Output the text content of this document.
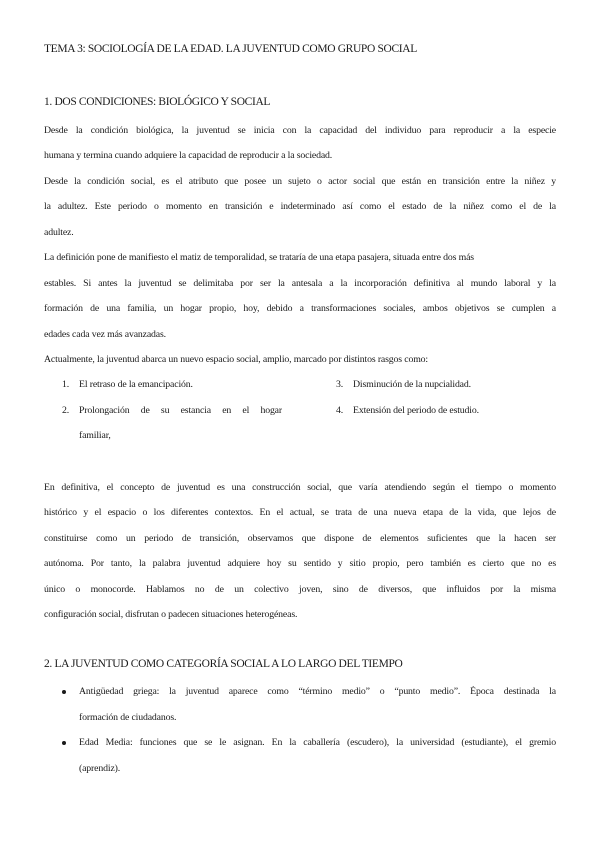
TEMA 3: SOCIOLOGÍA DE LA EDAD. LA JUVENTUD COMO GRUPO SOCIAL
1. DOS CONDICIONES: BIOLÓGICO Y SOCIAL
Desde la condición biológica, la juventud se inicia con la capacidad del individuo para reproducir a la especie
humana y termina cuando adquiere la capacidad de reproducir a la sociedad.
Desde la condición social, es el atributo que posee un sujeto o actor social que están en transición entre la niñez y
la adultez. Este periodo o momento en transición e indeterminado así como el estado de la niñez como el de la
adultez.
La definición pone de manifiesto el matiz de temporalidad, se trataría de una etapa pasajera, situada entre dos más
estables. Si antes la juventud se delimitaba por ser la antesala a la incorporación definitiva al mundo laboral y la
formación de una familia, un hogar propio, hoy, debido a transformaciones sociales, ambos objetivos se cumplen a
edades cada vez más avanzadas.
Actualmente, la juventud abarca un nuevo espacio social, amplio, marcado por distintos rasgos como:
1. El retraso de la emancipación.
2. Prolongación de su estancia en el hogar
familiar,
3. Disminución de la nupcialidad.
4. Extensión del periodo de estudio.
En definitiva, el concepto de juventud es una construcción social, que varía atendiendo según el tiempo o momento
histórico y el espacio o los diferentes contextos. En el actual, se trata de una nueva etapa de la vida, que lejos de
constituirse como un periodo de transición, observamos que dispone de elementos suficientes que la hacen ser
autónoma. Por tanto, la palabra juventud adquiere hoy su sentido y sitio propio, pero también es cierto que no es
único o monocorde. Hablamos no de un colectivo joven, sino de diversos, que influidos por la misma
configuración social, disfrutan o padecen situaciones heterogéneas.
2. LA JUVENTUD COMO CATEGORÍA SOCIAL A LO LARGO DEL TIEMPO
Antigüedad griega: la juventud aparece como “término medio” o “punto medio”. Época destinada la
formación de ciudadanos.
Edad Media: funciones que se le asignan. En la caballería (escudero), la universidad (estudiante), el gremio
(aprendiz).
